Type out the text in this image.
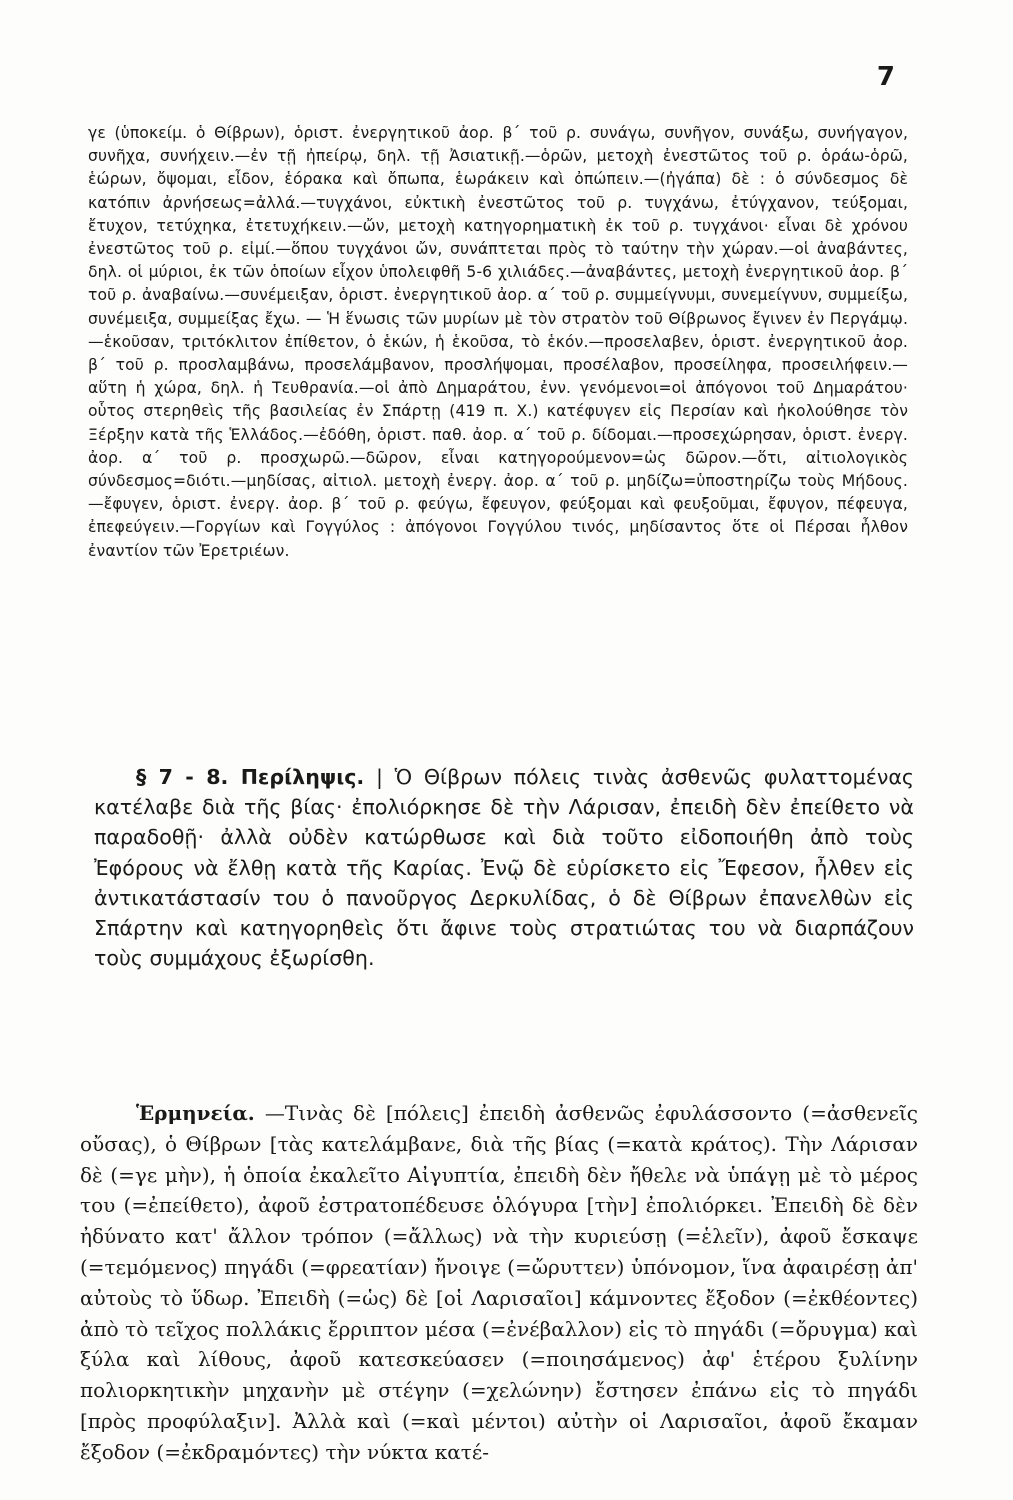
7

γε (ὑποκείμ. ὁ Θίβρων), ὁριστ. ἐνεργητικοῦ ἀορ. β΄ τοῦ ρ. συνάγω, συνῆγον, συνάξω, συνήγαγον, συνῆχα, συνήχειν.—ἐν τῇ ἠπείρῳ, δηλ. τῇ Ἀσιατικῇ.—ὁρῶν, μετοχὴ ἐνεστῶτος τοῦ ρ. ὁράω-ὁρῶ, ἑώρων, ὄψομαι, εἶδον, ἑόρακα καὶ ὄπωπα, ἑωράκειν καὶ ὀπώπειν.—(ἠγάπα) δὲ : ὁ σύνδεσμος δὲ κατόπιν ἀρνήσεως=ἀλλά.—τυγχάνοι, εὐκτικὴ ἐνεστῶτος τοῦ ρ. τυγχάνω, ἐτύγχανον, τεύξομαι, ἔτυχον, τετύχηκα, ἐτετυχήκειν.—ὤν, μετοχὴ κατηγορηματικὴ ἐκ τοῦ ρ. τυγχάνοι· εἶναι δὲ χρόνου ἐνεστῶτος τοῦ ρ. εἰμί.—ὅπου τυγχάνοι ὤν, συνάπτεται πρὸς τὸ ταύτην τὴν χώραν.—οἱ ἀναβάντες, δηλ. οἱ μύριοι, ἐκ τῶν ὁποίων εἶχον ὑπολειφθῆ 5-6 χιλιάδες.—ἀναβάντες, μετοχὴ ἐνεργητικοῦ ἀορ. β΄ τοῦ ρ. ἀναβαίνω.—συνέμειξαν, ὁριστ. ἐνεργητικοῦ ἀορ. α΄ τοῦ ρ. συμμείγνυμι, συνεμείγνυν, συμμείξω, συνέμειξα, συμμείξας ἔχω. — Ἡ ἕνωσις τῶν μυρίων μὲ τὸν στρατὸν τοῦ Θίβρωνος ἔγινεν ἐν Περγάμῳ.—ἑκοῦσαν, τριτόκλιτον ἐπίθετον, ὁ ἑκών, ἡ ἑκοῦσα, τὸ ἑκόν.—προσελαβεν, ὁριστ. ἐνεργητικοῦ ἀορ. β΄ τοῦ ρ. προσλαμβάνω, προσελάμβανον, προσλήψομαι, προσέλαβον, προσείληφα, προσειλήφειν.—αὕτη ἡ χώρα, δηλ. ἡ Τευθρανία.—οἱ ἀπὸ Δημαράτου, ἐνν. γενόμενοι=οἱ ἀπόγονοι τοῦ Δημαράτου· οὗτος στερηθεὶς τῆς βασιλείας ἐν Σπάρτῃ (419 π. Χ.) κατέφυγεν εἰς Περσίαν καὶ ἠκολούθησε τὸν Ξέρξην κατὰ τῆς Ἑλλάδος.—ἐδόθη, ὁριστ. παθ. ἀορ. α΄ τοῦ ρ. δίδομαι.—προσεχώρησαν, ὁριστ. ἐνεργ. ἀορ. α΄ τοῦ ρ. προσχωρῶ.—δῶρον, εἶναι κατηγορούμενον=ὡς δῶρον.—ὅτι, αἰτιολογικὸς σύνδεσμος=διότι.—μηδίσας, αἰτιολ. μετοχὴ ἐνεργ. ἀορ. α΄ τοῦ ρ. μηδίζω=ὑποστηρίζω τοὺς Μήδους.—ἔφυγεν, ὁριστ. ἐνεργ. ἀορ. β΄ τοῦ ρ. φεύγω, ἔφευγον, φεύξομαι καὶ φευξοῦμαι, ἔφυγον, πέφευγα, ἐπεφεύγειν.—Γοργίων καὶ Γογγύλος : ἀπόγονοι Γογγύλου τινός, μηδίσαντος ὅτε οἱ Πέρσαι ἦλθον ἐναντίον τῶν Ἐρετριέων.

§ 7 - 8. Περίληψις. | Ὁ Θίβρων πόλεις τινὰς ἀσθενῶς φυλαττομένας κατέλαβε διὰ τῆς βίας· ἐπολιόρκησε δὲ τὴν Λάρισαν, ἐπειδὴ δὲν ἐπείθετο νὰ παραδοθῇ· ἀλλὰ οὐδὲν κατώρθωσε καὶ διὰ τοῦτο εἰδοποιήθη ἀπὸ τοὺς Ἐφόρους νὰ ἔλθῃ κατὰ τῆς Καρίας. Ἐνῷ δὲ εὑρίσκετο εἰς Ἔφεσον, ἦλθεν εἰς ἀντικατάστασίν του ὁ πανοῦργος Δερκυλίδας, ὁ δὲ Θίβρων ἐπανελθὼν εἰς Σπάρτην καὶ κατηγορηθεὶς ὅτι ἄφινε τοὺς στρατιώτας του νὰ διαρπάζουν τοὺς συμμάχους ἐξωρίσθη.

Ἑρμηνεία. —Τινὰς δὲ [πόλεις] ἐπειδὴ ἀσθενῶς ἐφυλάσσοντο (=ἀσθενεῖς οὔσας), ὁ Θίβρων [τὰς κατελάμβανε, διὰ τῆς βίας (=κατὰ κράτος). Τὴν Λάρισαν δὲ (=γε μὴν), ἡ ὁποία ἐκαλεῖτο Αἰγυπτία, ἐπειδὴ δὲν ἤθελε νὰ ὑπάγῃ μὲ τὸ μέρος του (=ἐπείθετο), ἀφοῦ ἐστρατοπέδευσε ὁλόγυρα [τὴν] ἐπολιόρκει. Ἐπειδὴ δὲ δὲν ἠδύνατο κατ' ἄλλον τρόπον (=ἄλλως) νὰ τὴν κυριεύσῃ (=ἑλεῖν), ἀφοῦ ἔσκαψε (=τεμόμενος) πηγάδι (=φρεατίαν) ἤνοιγε (=ὤρυττεν) ὑπόνομον, ἵνα ἀφαιρέσῃ ἀπ' αὐτοὺς τὸ ὕδωρ. Ἐπειδὴ (=ὡς) δὲ [οἱ Λαρισαῖοι] κάμνοντες ἔξοδον (=ἐκθέοντες) ἀπὸ τὸ τεῖχος πολλάκις ἔρριπτον μέσα (=ἐνέβαλλον) εἰς τὸ πηγάδι (=ὄρυγμα) καὶ ξύλα καὶ λίθους, ἀφοῦ κατεσκεύασεν (=ποιησάμενος) ἀφ' ἑτέρου ξυλίνην πολιορκητικὴν μηχανὴν μὲ στέγην (=χελώνην) ἔστησεν ἐπάνω εἰς τὸ πηγάδι [πρὸς προφύλαξιν]. Ἀλλὰ καὶ (=καὶ μέντοι) αὐτὴν οἱ Λαρισαῖοι, ἀφοῦ ἔκαμαν ἔξοδον (=ἐκδραμόντες) τὴν νύκτα κατέ-
